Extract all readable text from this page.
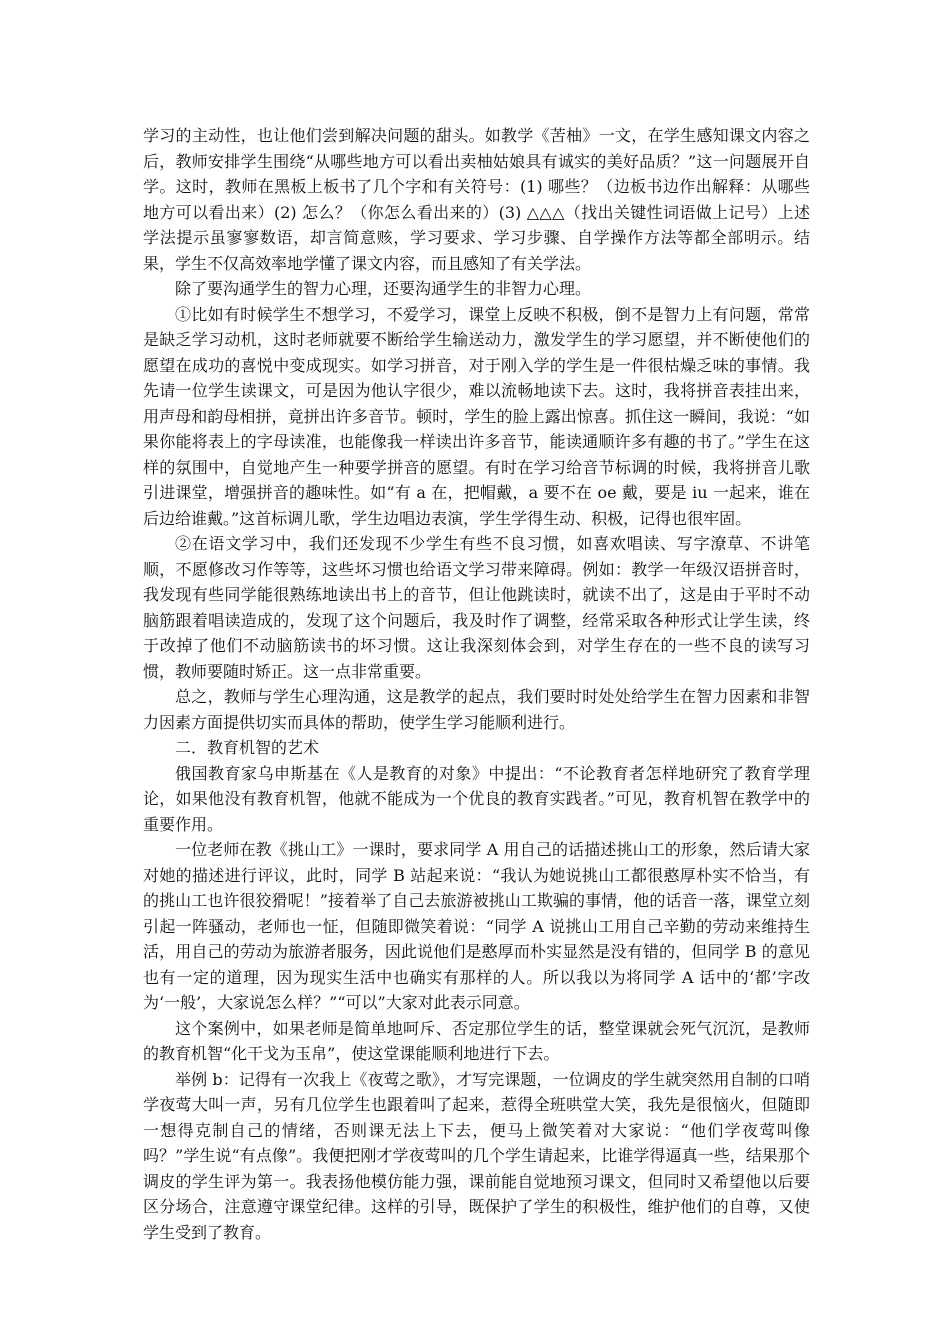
学习的主动性，也让他们尝到解决问题的甜头。如教学《苦柚》一文，在学生感知课文内容之后，教师安排学生围绕“从哪些地方可以看出卖柚姑娘具有诚实的美好品质？”这一问题展开自学。这时，教师在黑板上板书了几个字和有关符号：(1) 哪些？（边板书边作出解释：从哪些地方可以看出来）(2) 怎么？（你怎么看出来的）(3) △△△（找出关键性词语做上记号）上述学法提示虽寥寥数语，却言简意赅，学习要求、学习步骤、自学操作方法等都全部明示。结果，学生不仅高效率地学懂了课文内容，而且感知了有关学法。

除了要沟通学生的智力心理，还要沟通学生的非智力心理。

①比如有时候学生不想学习，不爱学习，课堂上反映不积极，倒不是智力上有问题，常常是缺乏学习动机，这时老师就要不断给学生输送动力，激发学生的学习愿望，并不断使他们的愿望在成功的喜悦中变成现实。如学习拼音，对于刚入学的学生是一件很枯燥乏味的事情。我先请一位学生读课文，可是因为他认字很少，难以流畅地读下去。这时，我将拼音表挂出来，用声母和韵母相拼，竟拼出许多音节。顿时，学生的脸上露出惊喜。抓住这一瞬间，我说：“如果你能将表上的字母读准，也能像我一样读出许多音节，能读通顺许多有趣的书了。”学生在这样的氛围中，自觉地产生一种要学拼音的愿望。有时在学习给音节标调的时候，我将拼音儿歌引进课堂，增强拼音的趣味性。如“有 a 在，把帽戴，a 要不在 oe 戴，要是 iu 一起来，谁在后边给谁戴。”这首标调儿歌，学生边唱边表演，学生学得生动、积极，记得也很牢固。

②在语文学习中，我们还发现不少学生有些不良习惯，如喜欢唱读、写字潦草、不讲笔顺，不愿修改习作等等，这些坏习惯也给语文学习带来障碍。例如：教学一年级汉语拼音时，我发现有些同学能很熟练地读出书上的音节，但让他跳读时，就读不出了，这是由于平时不动脑筋跟着唱读造成的，发现了这个问题后，我及时作了调整，经常采取各种形式让学生读，终于改掉了他们不动脑筋读书的坏习惯。这让我深刻体会到，对学生存在的一些不良的读写习惯，教师要随时矫正。这一点非常重要。

总之，教师与学生心理沟通，这是教学的起点，我们要时时处处给学生在智力因素和非智力因素方面提供切实而具体的帮助，使学生学习能顺利进行。

二．教育机智的艺术

俄国教育家乌申斯基在《人是教育的对象》中提出：“不论教育者怎样地研究了教育学理论，如果他没有教育机智，他就不能成为一个优良的教育实践者。”可见，教育机智在教学中的重要作用。

一位老师在教《挑山工》一课时，要求同学 A 用自己的话描述挑山工的形象，然后请大家对她的描述进行评议，此时，同学 B 站起来说：“我认为她说挑山工都很憨厚朴实不恰当，有的挑山工也许很狡猾呢！”接着举了自己去旅游被挑山工欺骗的事情，他的话音一落，课堂立刻引起一阵骚动，老师也一怔，但随即微笑着说：“同学 A 说挑山工用自己辛勤的劳动来维持生活，用自己的劳动为旅游者服务，因此说他们是憨厚而朴实显然是没有错的，但同学 B 的意见也有一定的道理，因为现实生活中也确实有那样的人。所以我以为将同学 A 话中的‘都’字改为‘一般’，大家说怎么样？”“可以”大家对此表示同意。

这个案例中，如果老师是简单地呵斥、否定那位学生的话，整堂课就会死气沉沉，是教师的教育机智“化干戈为玉帛”，使这堂课能顺利地进行下去。

举例 b：记得有一次我上《夜莺之歌》，才写完课题，一位调皮的学生就突然用自制的口哨学夜莺大叫一声，另有几位学生也跟着叫了起来，惹得全班哄堂大笑，我先是很恼火，但随即一想得克制自己的情绪，否则课无法上下去，便马上微笑着对大家说：“他们学夜莺叫像吗？”学生说“有点像”。我便把刚才学夜莺叫的几个学生请起来，比谁学得逼真一些，结果那个调皮的学生评为第一。我表扬他模仿能力强，课前能自觉地预习课文，但同时又希望他以后要区分场合，注意遵守课堂纪律。这样的引导，既保护了学生的积极性，维护他们的自尊，又使学生受到了教育。
